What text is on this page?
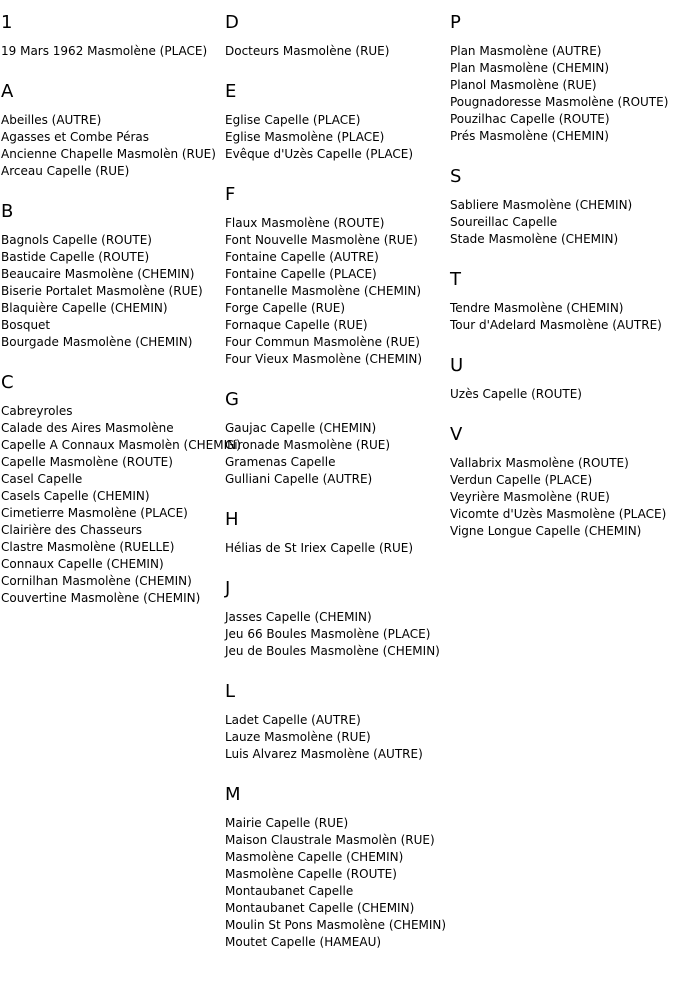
1
19 Mars 1962 Masmolène (PLACE)
A
Abeilles (AUTRE)
Agasses et Combe Péras
Ancienne Chapelle Masmolèn (RUE)
Arceau Capelle (RUE)
B
Bagnols Capelle (ROUTE)
Bastide Capelle (ROUTE)
Beaucaire Masmolène (CHEMIN)
Biserie Portalet Masmolène (RUE)
Blaquière Capelle (CHEMIN)
Bosquet
Bourgade Masmolène (CHEMIN)
C
Cabreyroles
Calade des Aires Masmolène
Capelle A Connaux Masmolèn (CHEMIN)
Capelle Masmolène (ROUTE)
Casel Capelle
Casels Capelle (CHEMIN)
Cimetierre Masmolène (PLACE)
Clairière des Chasseurs
Clastre Masmolène (RUELLE)
Connaux Capelle (CHEMIN)
Cornilhan Masmolène (CHEMIN)
Couvertine Masmolène (CHEMIN)
D
Docteurs Masmolène (RUE)
E
Eglise Capelle (PLACE)
Eglise Masmolène (PLACE)
Evêque d'Uzès Capelle (PLACE)
F
Flaux Masmolène (ROUTE)
Font Nouvelle Masmolène (RUE)
Fontaine Capelle (AUTRE)
Fontaine Capelle (PLACE)
Fontanelle Masmolène (CHEMIN)
Forge Capelle (RUE)
Fornaque Capelle (RUE)
Four Commun Masmolène (RUE)
Four Vieux Masmolène (CHEMIN)
G
Gaujac Capelle (CHEMIN)
Gironade Masmolène (RUE)
Gramenas Capelle
Gulliani Capelle (AUTRE)
H
Hélias de St Iriex Capelle (RUE)
J
Jasses Capelle (CHEMIN)
Jeu 66 Boules Masmolène (PLACE)
Jeu de Boules Masmolène (CHEMIN)
L
Ladet Capelle (AUTRE)
Lauze Masmolène (RUE)
Luis Alvarez Masmolène (AUTRE)
M
Mairie Capelle (RUE)
Maison Claustrale Masmolèn (RUE)
Masmolène Capelle (CHEMIN)
Masmolène Capelle (ROUTE)
Montaubanet Capelle
Montaubanet Capelle (CHEMIN)
Moulin St Pons Masmolène (CHEMIN)
Moutet Capelle (HAMEAU)
P
Plan Masmolène (AUTRE)
Plan Masmolène (CHEMIN)
Planol Masmolène (RUE)
Pougnadoresse Masmolène (ROUTE)
Pouzilhac Capelle (ROUTE)
Prés Masmolène (CHEMIN)
S
Sabliere Masmolène (CHEMIN)
Soureillac Capelle
Stade Masmolène (CHEMIN)
T
Tendre Masmolène (CHEMIN)
Tour d'Adelard Masmolène (AUTRE)
U
Uzès Capelle (ROUTE)
V
Vallabrix Masmolène (ROUTE)
Verdun Capelle (PLACE)
Veyrière Masmolène (RUE)
Vicomte d'Uzès Masmolène (PLACE)
Vigne Longue Capelle (CHEMIN)
